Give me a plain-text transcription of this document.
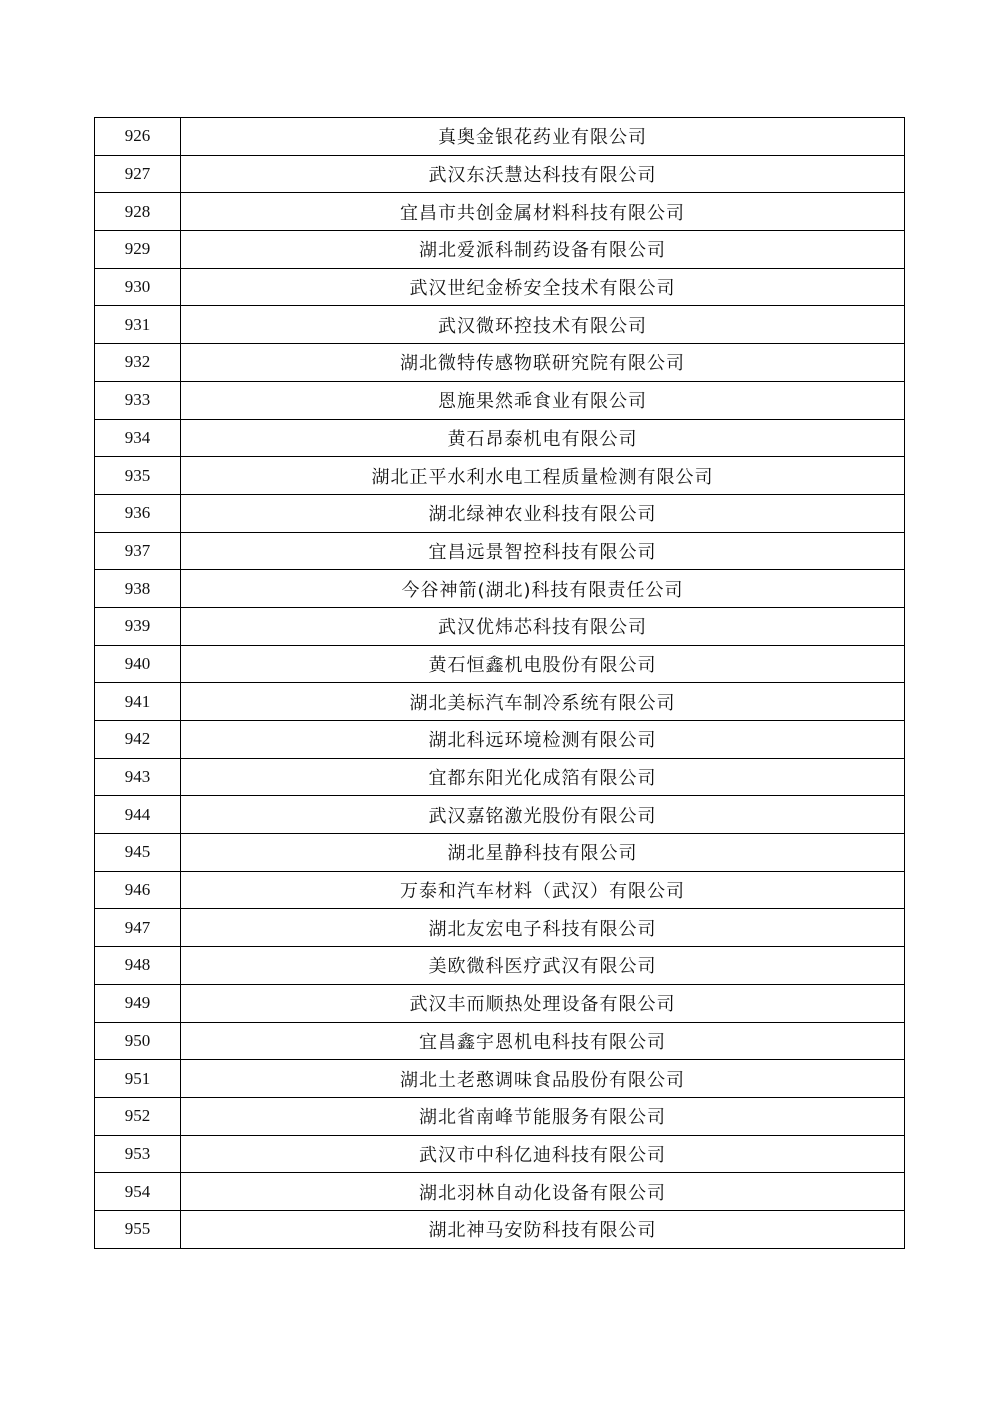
926	真奥金银花药业有限公司
927	武汉东沃慧达科技有限公司
928	宜昌市共创金属材料科技有限公司
929	湖北爱派科制药设备有限公司
930	武汉世纪金桥安全技术有限公司
931	武汉微环控技术有限公司
932	湖北微特传感物联研究院有限公司
933	恩施果然乖食业有限公司
934	黄石昂泰机电有限公司
935	湖北正平水利水电工程质量检测有限公司
936	湖北绿神农业科技有限公司
937	宜昌远景智控科技有限公司
938	今谷神箭(湖北)科技有限责任公司
939	武汉优炜芯科技有限公司
940	黄石恒鑫机电股份有限公司
941	湖北美标汽车制冷系统有限公司
942	湖北科远环境检测有限公司
943	宜都东阳光化成箔有限公司
944	武汉嘉铭激光股份有限公司
945	湖北星静科技有限公司
946	万泰和汽车材料（武汉）有限公司
947	湖北友宏电子科技有限公司
948	美欧微科医疗武汉有限公司
949	武汉丰而顺热处理设备有限公司
950	宜昌鑫宇恩机电科技有限公司
951	湖北土老憨调味食品股份有限公司
952	湖北省南峰节能服务有限公司
953	武汉市中科亿迪科技有限公司
954	湖北羽林自动化设备有限公司
955	湖北神马安防科技有限公司
